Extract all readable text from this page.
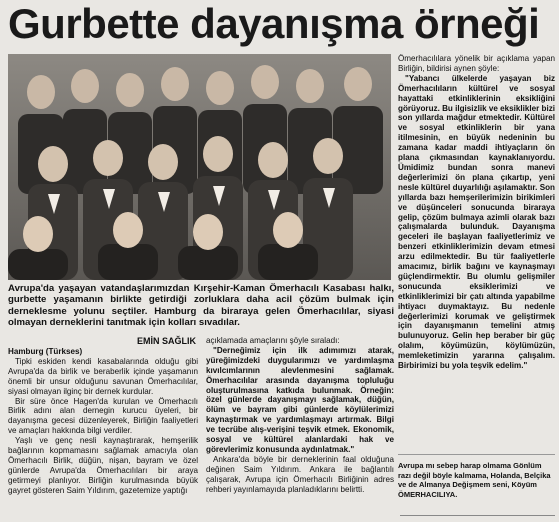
Gurbette dayanışma örneği
Avrupa'da yaşayan vatandaşlarımızdan Kırşehir-Kaman Ömerhacılı Kasabası halkı, gurbette yaşamanın birlikte getirdiği zorluklara daha acil çözüm bulmak için derneklesme yolunu seçtiler. Hamburg da biraraya gelen Ömerhacılılar, siyasi olmayan derneklerini tanıtmak için kolları sıvadılar.
EMİN SAĞLIK
Hamburg (Türkses)

Tipki eskiden kendi kasabalarında olduğu gibi Avrupa'da da birlik ve beraberlik içinde yaşamanın önemli bir unsur olduğunu savunan Ömerhacılılar, siyasi olmayan ilginç bir dernek kurdular.

Bir süre önce Hagen'da kurulan ve Ömerhacılı Birlik adını alan dernegin kurucu üyeleri, bir dayanışma gecesi düzenleyerek, Birliğin faaliyetleri ve amaçları hakkında bilgi verdiler.

Yaşlı ve genç nesli kaynaştırarak, hemşerilik bağlarının kopmamasını sağlamak amacıyla olan Ömerhacılı Birlik, düğün, nişan, bayram ve özel günlerde Avrupa'da Ömerhacılıları bir araya getirmeyi planlıyor. Birliğin kurulmasında büyük gayret gösteren Saim Yıldırım, gazetemize yaptığı

açıklamada amaçlarını şöyle sıraladı:

"Derneğimiz için ilk adımımızı atarak, yüreğimizdeki duygularımızı ve yardımlaşma kıvılcımlarının alevlenmesini sağlamak. Ömerhacılılar arasında dayanışma topluluğu oluşturulmasına katkıda bulunmak. Örneğin: özel günlerde dayanışmayı sağlamak, düğün, ölüm ve bayram gibi günlerde köylülerimizi kaynaştırmak ve yardımlaşmayı artırmak. Bilgi ve tecrübe alış-verişini teşvik etmek. Ekonomik, sosyal ve kültürel alanlardaki hak ve görevlerimiz konusunda aydınlatmak."

Ankara'da böyle bir derneklerinin faal olduğuna değinen Saim Yıldırım. Ankara ile bağlantılı çalışarak, Avrupa için Ömerhacılı Birliğinin adres rehberi yayınlamayıda planladıklarını belirtti.

Ömerhacılılara yönelik bir açıklama yapan Birliğin, bildirisi aynen şöyle:

"Yabancı ülkelerde yaşayan biz Ömerhacılıların kültürel ve sosyal hayattaki etkinliklerinin eksikliğini görüyoruz. Bu ilgisizlik ve eksiklikler bizi son yıllarda mağdur etmektedir. Kültürel ve sosyal etkinliklerin bir yana itilmesinin, en büyük nedeninin bu zamana kadar maddi ihtiyaçların ön plana çıkmasından kaynaklanıyordu. Ümidimiz bundan sonra manevi değerlerimizi ön plana çıkartıp, yeni nesle kültürel duyarlılığı aşılamaktır. Son yıllarda bazı hemşerilerimizin birikimleri ve düşünceleri sonucunda biraraya gelip, çözüm bulmaya azimli olarak bazı çalışmalarda bulunduk. Dayanışma geceleri ile başlayan faaliyetlerimiz ve benzeri etkinliklerimizin devam etmesi arzu edilmektedir. Bu tür faaliyetlerle amacımız, birlik bağını ve kaynaşmayı güçlendirmektir. Bu olumlu gelişmiler sonucunda eksiklerimizi ve etkinliklerimizi bir çatı altında yapabilme ihtiyacı duymaktayız. Bu nedenle değerlerimizi korumak ve geliştirmek için dayanışmanın temelini atmış bulunuyoruz. Gelin hep beraber bir güç olalım, köyümüzün, köylümüzün, memleketimizin yararına çalışalım. Birbirimizi bu yola teşvik edelim."

Avrupa mı sebep harap olmama Gönlüm razı değil böyle kalmama, Holanda, Belçika ve de Almanya Değişmem seni, Köyüm ÖMERHACILIYA.
